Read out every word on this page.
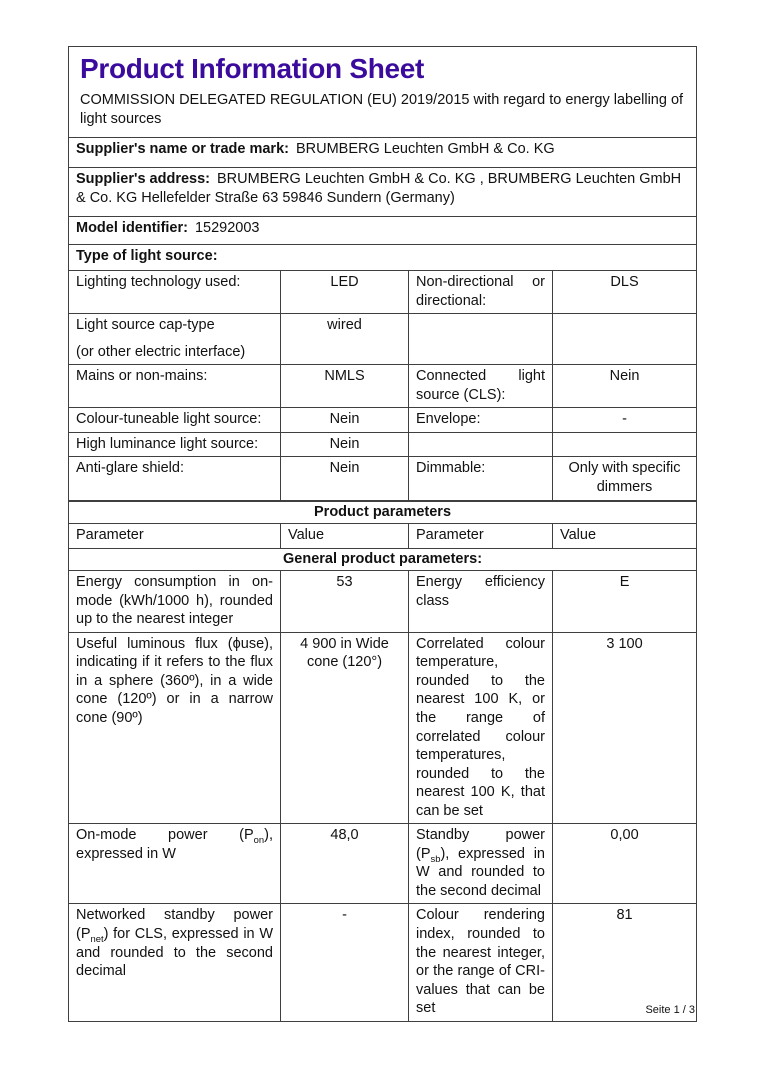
Product Information Sheet

COMMISSION DELEGATED REGULATION (EU) 2019/2015 with regard to energy labelling of light sources

Supplier's name or trade mark: BRUMBERG Leuchten GmbH & Co. KG			
Supplier's address: BRUMBERG Leuchten GmbH & Co. KG , BRUMBERG Leuchten GmbH & Co. KG Hellefelder Straße 63 59846 Sundern (Germany)			
Model identifier: 15292003			
Type of light source:			
Lighting technology used:	LED	Non-directional or directional:	DLS

Light source cap-type
(or other electric interface)	wired		
Mains or non-mains:	NMLS	Connected light source (CLS):	Nein
Colour-tuneable light source:	Nein	Envelope:	-
High luminance light source:	Nein		
Anti-glare shield:	Nein	Dimmable:	Only with specific dimmers
Product parameters			
Parameter	Value	Parameter	Value
General product parameters:			
Energy consumption in on-mode (kWh/1000 h), rounded up to the nearest integer	53	Energy efficiency class	E
Useful luminous flux (ϕuse), indicating if it refers to the flux in a sphere (360º), in a wide cone (120º) or in a narrow cone (90º)	4 900 in Wide cone (120°)	Correlated colour temperature, rounded to the nearest 100 K, or the range of correlated colour temperatures, rounded to the nearest 100 K, that can be set	3 100
On-mode power $(P_{on})$, expressed in W	48,0	Standby power $(P_{sb})$, expressed in W and rounded to the second decimal	0,00
Networked standby power $(P_{net})$ for CLS, expressed in W and rounded to the second decimal	-	Colour rendering index, rounded to the nearest integer, or the range of CRI-values that can be set	81
Seite 1 / 3
